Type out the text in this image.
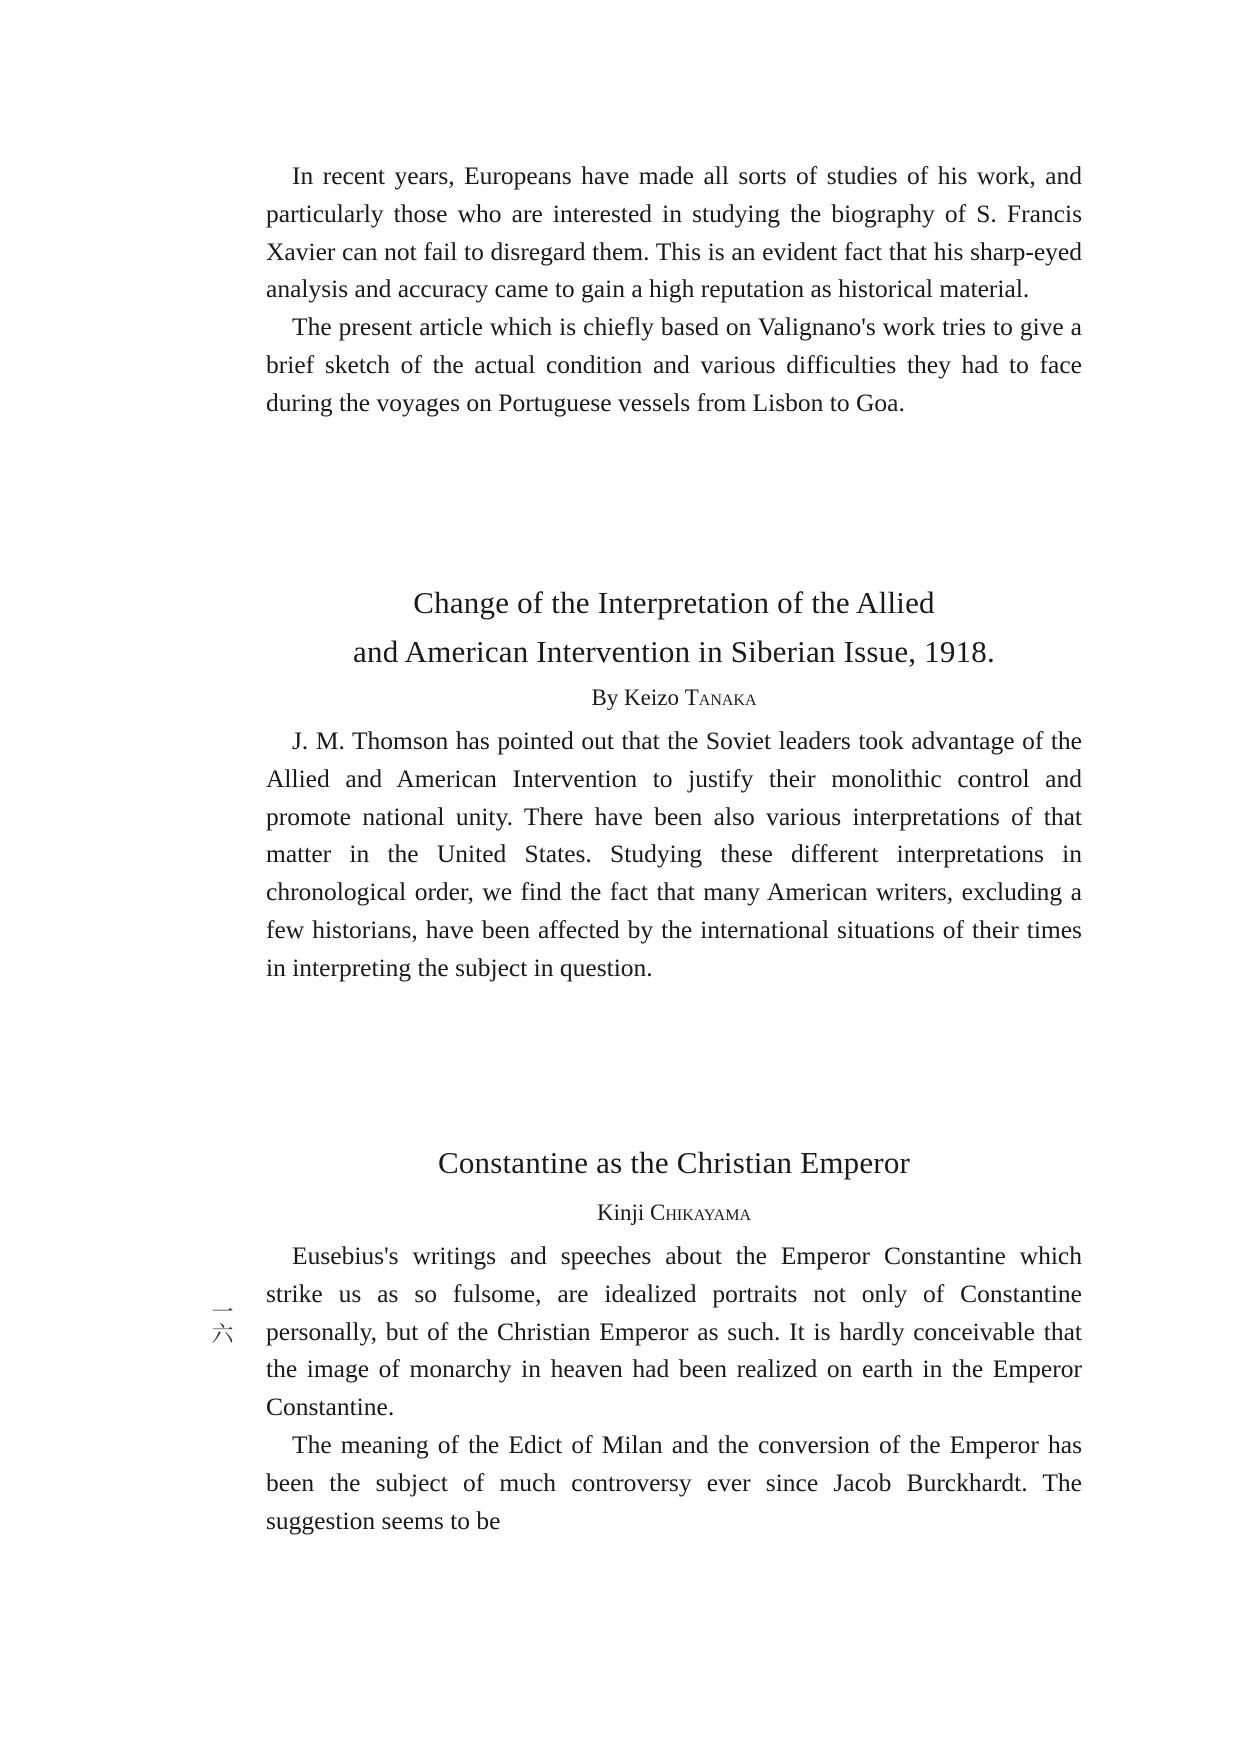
In recent years, Europeans have made all sorts of studies of his work, and particularly those who are interested in studying the biography of S. Francis Xavier can not fail to disregard them. This is an evident fact that his sharp-eyed analysis and accuracy came to gain a high reputation as historical material.

The present article which is chiefly based on Valignano's work tries to give a brief sketch of the actual condition and various difficulties they had to face during the voyages on Portuguese vessels from Lisbon to Goa.

Change of the Interpretation of the Allied
and American Intervention in Siberian Issue, 1918.
By Keizo Tanaka

J. M. Thomson has pointed out that the Soviet leaders took advantage of the Allied and American Intervention to justify their monolithic control and promote national unity. There have been also various interpretations of that matter in the United States. Studying these different interpretations in chronological order, we find the fact that many American writers, excluding a few historians, have been affected by the international situations of their times in interpreting the subject in question.

Constantine as the Christian Emperor
Kinji Chikayama

Eusebius's writings and speeches about the Emperor Constantine which strike us as so fulsome, are idealized portraits not only of Constantine personally, but of the Christian Emperor as such. It is hardly conceivable that the image of monarchy in heaven had been realized on earth in the Emperor Constantine.

The meaning of the Edict of Milan and the conversion of the Emperor has been the subject of much controversy ever since Jacob Burckhardt. The suggestion seems to be

一六
